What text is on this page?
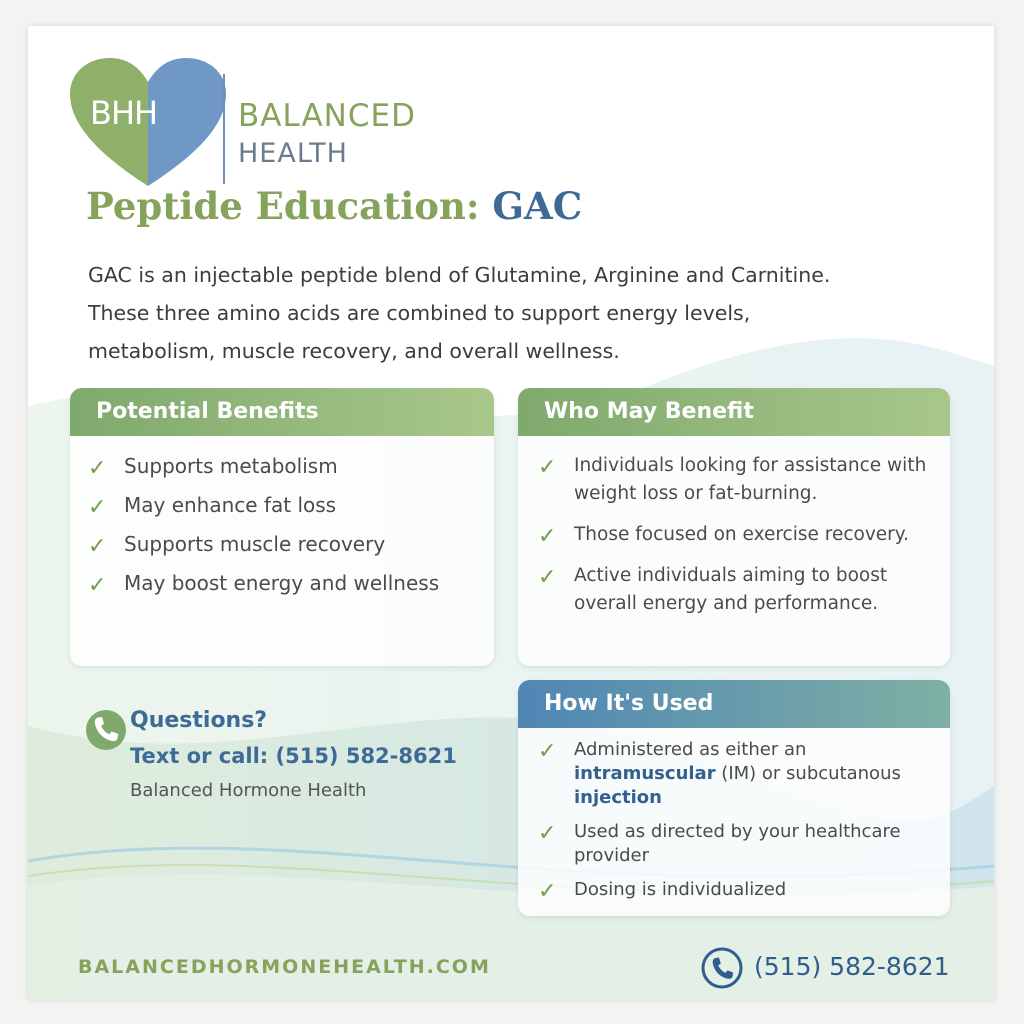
BHH	BALANCED
HEALTH
Peptide Education: GAC
GAC is an injectable peptide blend of Glutamine, Arginine and Carnitine.
These three amino acids are combined to support energy levels,
metabolism, muscle recovery, and overall wellness.
Potential Benefits
✓ Supports metabolism
✓ May enhance fat loss
✓ Supports muscle recovery
✓ May boost energy and wellness
Who May Benefit
✓ Individuals looking for assistance with weight loss or fat-burning.
✓ Those focused on exercise recovery.
✓ Active individuals aiming to boost overall energy and performance.
Questions?
Text or call: (515) 582-8621
Balanced Hormone Health
How It's Used
✓ Administered as either an intramuscular (IM) or subcutanous injection
✓ Used as directed by your healthcare provider
✓ Dosing is individualized
BALANCEDHORMONEHEALTH.COM	(515) 582-8621
